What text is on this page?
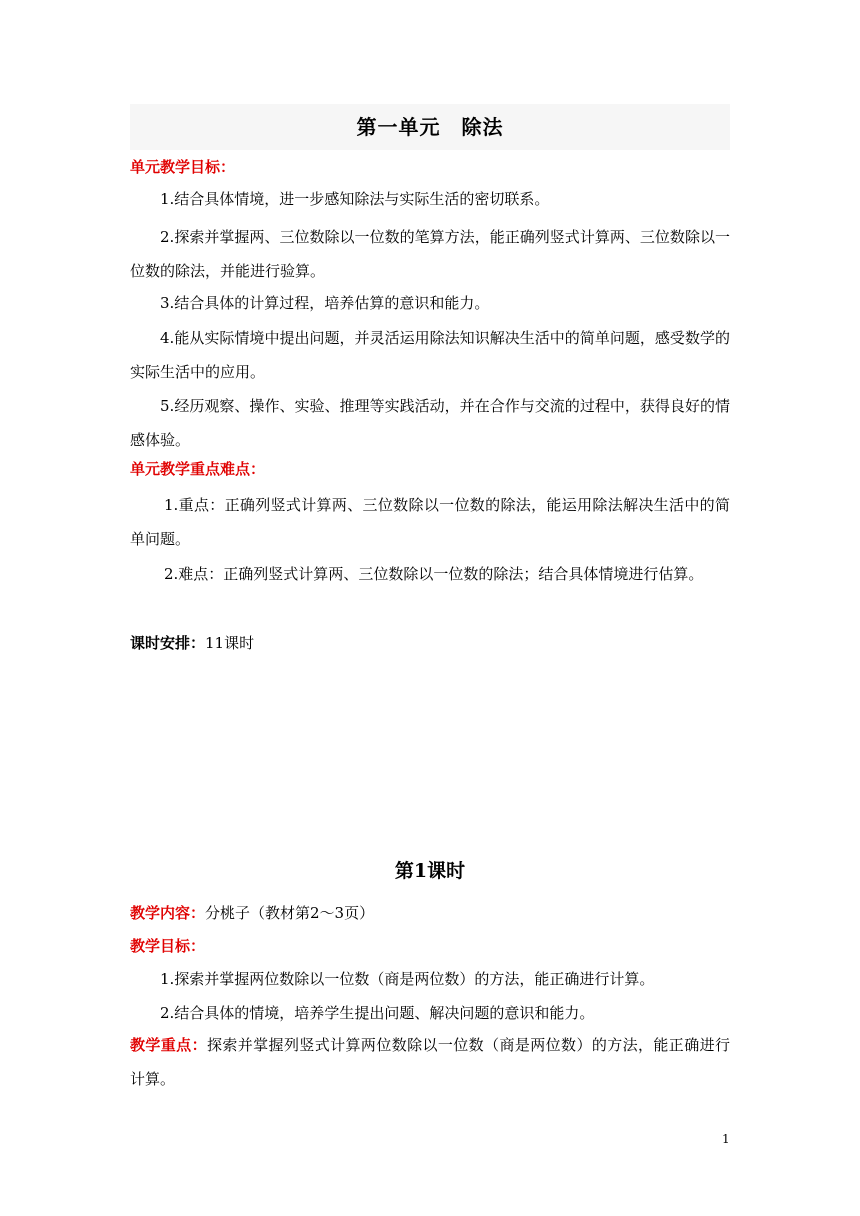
第一单元　除法
单元教学目标：
1.结合具体情境，进一步感知除法与实际生活的密切联系。
2.探索并掌握两、三位数除以一位数的笔算方法，能正确列竖式计算两、三位数除以一位数的除法，并能进行验算。
3.结合具体的计算过程，培养估算的意识和能力。
4.能从实际情境中提出问题，并灵活运用除法知识解决生活中的简单问题，感受数学的实际生活中的应用。
5.经历观察、操作、实验、推理等实践活动，并在合作与交流的过程中，获得良好的情感体验。
单元教学重点难点：
1.重点：正确列竖式计算两、三位数除以一位数的除法，能运用除法解决生活中的简单问题。
2.难点：正确列竖式计算两、三位数除以一位数的除法；结合具体情境进行估算。
课时安排：11课时
第1课时
教学内容：分桃子（教材第2～3页）
教学目标：
1.探索并掌握两位数除以一位数（商是两位数）的方法，能正确进行计算。
2.结合具体的情境，培养学生提出问题、解决问题的意识和能力。
教学重点：探索并掌握列竖式计算两位数除以一位数（商是两位数）的方法，能正确进行计算。
1
